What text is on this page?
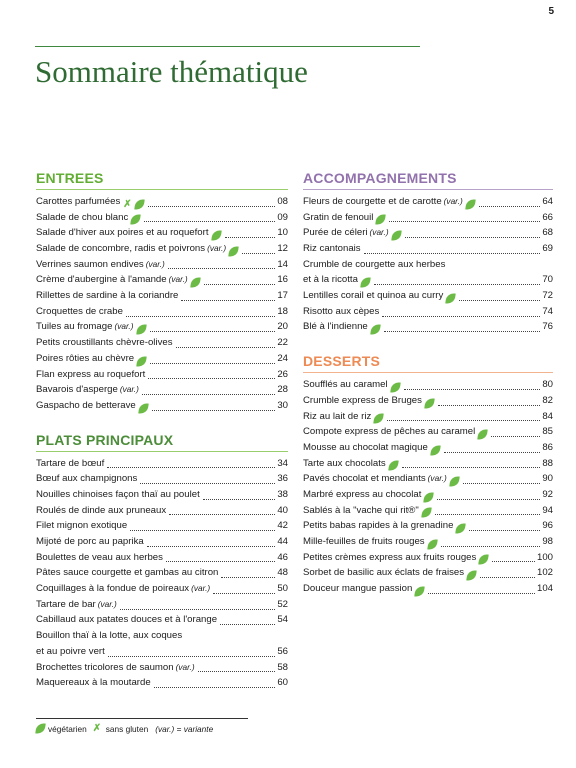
5
Sommaire thématique
ENTREES
Carottes parfumées ✗	08
Salade de chou blanc	09
Salade d'hiver aux poires et au roquefort	10
Salade de concombre, radis et poivrons (var.)	12
Verrines saumon endives (var.)	14
Crème d'aubergine à l'amande (var.)	16
Rillettes de sardine à la coriandre	17
Croquettes de crabe	18
Tuiles au fromage (var.)	20
Petits croustillants chèvre-olives	22
Poires rôties au chèvre	24
Flan express au roquefort	26
Bavarois d'asperge (var.)	28
Gaspacho de betterave	30
PLATS PRINCIPAUX
Tartare de bœuf	34
Bœuf aux champignons	36
Nouilles chinoises façon thaï au poulet	38
Roulés de dinde aux pruneaux	40
Filet mignon exotique	42
Mijoté de porc au paprika	44
Boulettes de veau aux herbes	46
Pâtes sauce courgette et gambas au citron	48
Coquillages à la fondue de poireaux (var.)	50
Tartare de bar (var.)	52
Cabillaud aux patates douces et à l'orange	54
Bouillon thaï à la lotte, aux coques
et au poivre vert	56
Brochettes tricolores de saumon (var.)	58
Maquereaux à la moutarde	60
ACCOMPAGNEMENTS
Fleurs de courgette et de carotte (var.)	64
Gratin de fenouil	66
Purée de céleri (var.)	68
Riz cantonais	69
Crumble de courgette aux herbes
et à la ricotta	70
Lentilles corail et quinoa au curry	72
Risotto aux cèpes	74
Blé à l'indienne	76
DESSERTS
Soufflés au caramel	80
Crumble express de Bruges	82
Riz au lait de riz	84
Compote express de pêches au caramel	85
Mousse au chocolat magique	86
Tarte aux chocolats	88
Pavés chocolat et mendiants (var.)	90
Marbré express au chocolat	92
Sablés à la "vache qui rit®"	94
Petits babas rapides à la grenadine	96
Mille-feuilles de fruits rouges	98
Petites crèmes express aux fruits rouges	100
Sorbet de basilic aux éclats de fraises	102
Douceur mangue passion	104
végétarien ✗ sans gluten (var.) = variante
